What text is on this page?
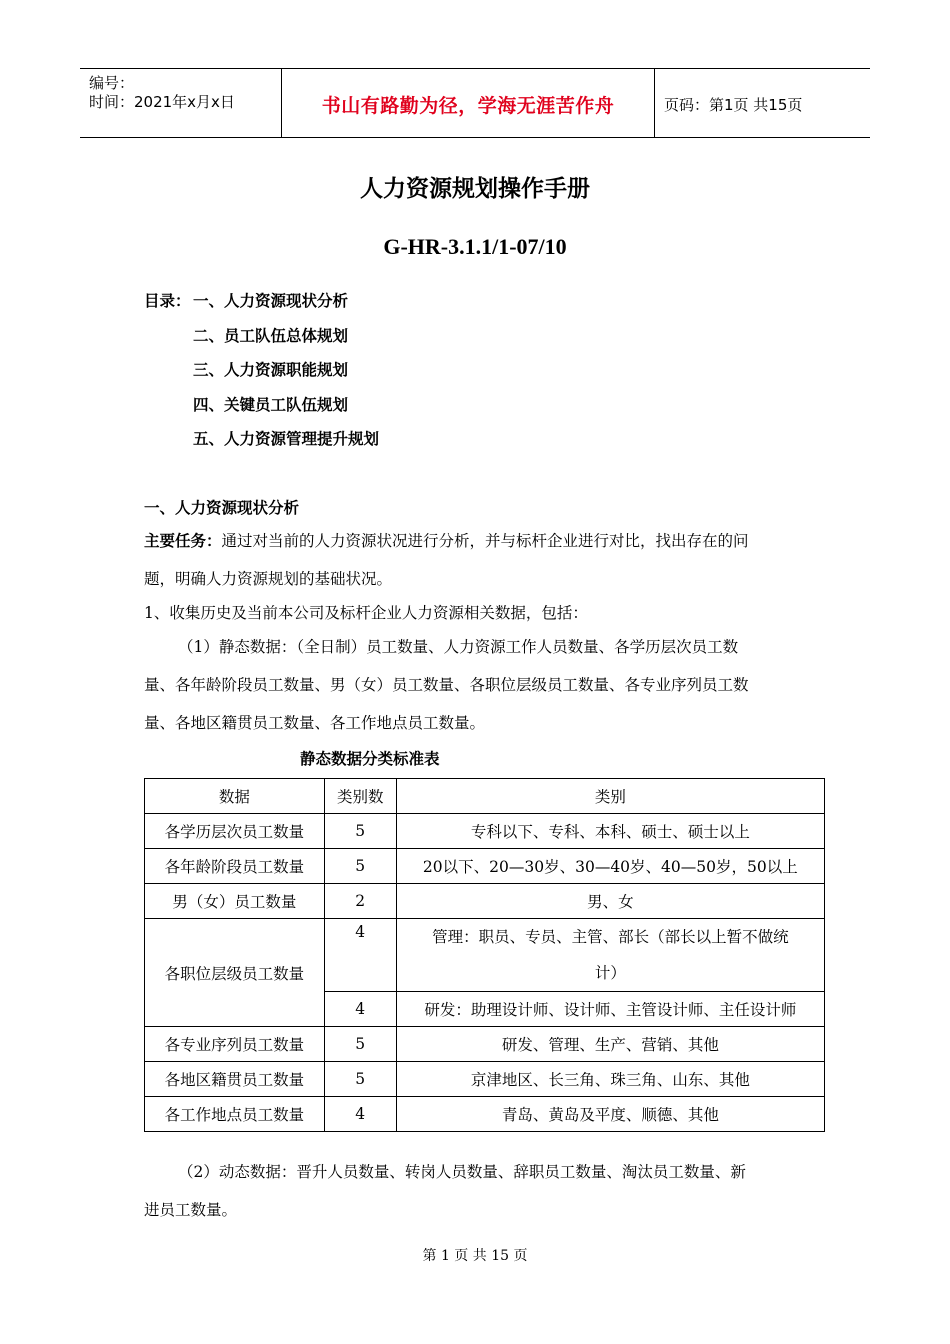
编号：
时间：2021年x月x日	书山有路勤为径，学海无涯苦作舟	页码：第1页 共15页
人力资源规划操作手册
G-HR-3.1.1/1-07/10
目录： 一、人力资源现状分析
二、员工队伍总体规划
三、人力资源职能规划
四、关键员工队伍规划
五、人力资源管理提升规划
一、人力资源现状分析
主要任务：通过对当前的人力资源状况进行分析，并与标杆企业进行对比，找出存在的问
题，明确人力资源规划的基础状况。
1、收集历史及当前本公司及标杆企业人力资源相关数据，包括：
（1）静态数据：（全日制）员工数量、人力资源工作人员数量、各学历层次员工数
量、各年龄阶段员工数量、男（女）员工数量、各职位层级员工数量、各专业序列员工数
量、各地区籍贯员工数量、各工作地点员工数量。
静态数据分类标准表
数据	类别数	类别
各学历层次员工数量	5	专科以下、专科、本科、硕士、硕士以上
各年龄阶段员工数量	5	20以下、20—30岁、30—40岁、40—50岁，50以上
男（女）员工数量	2	男、女
各职位层级员工数量	4	管理：职员、专员、主管、部长（部长以上暂不做统
计）

	4	研发：助理设计师、设计师、主管设计师、主任设计师
各专业序列员工数量	5	研发、管理、生产、营销、其他
各地区籍贯员工数量	5	京津地区、长三角、珠三角、山东、其他
各工作地点员工数量	4	青岛、黄岛及平度、顺德、其他
（2）动态数据：晋升人员数量、转岗人员数量、辞职员工数量、淘汰员工数量、新
进员工数量。
第 1 页 共 15 页
